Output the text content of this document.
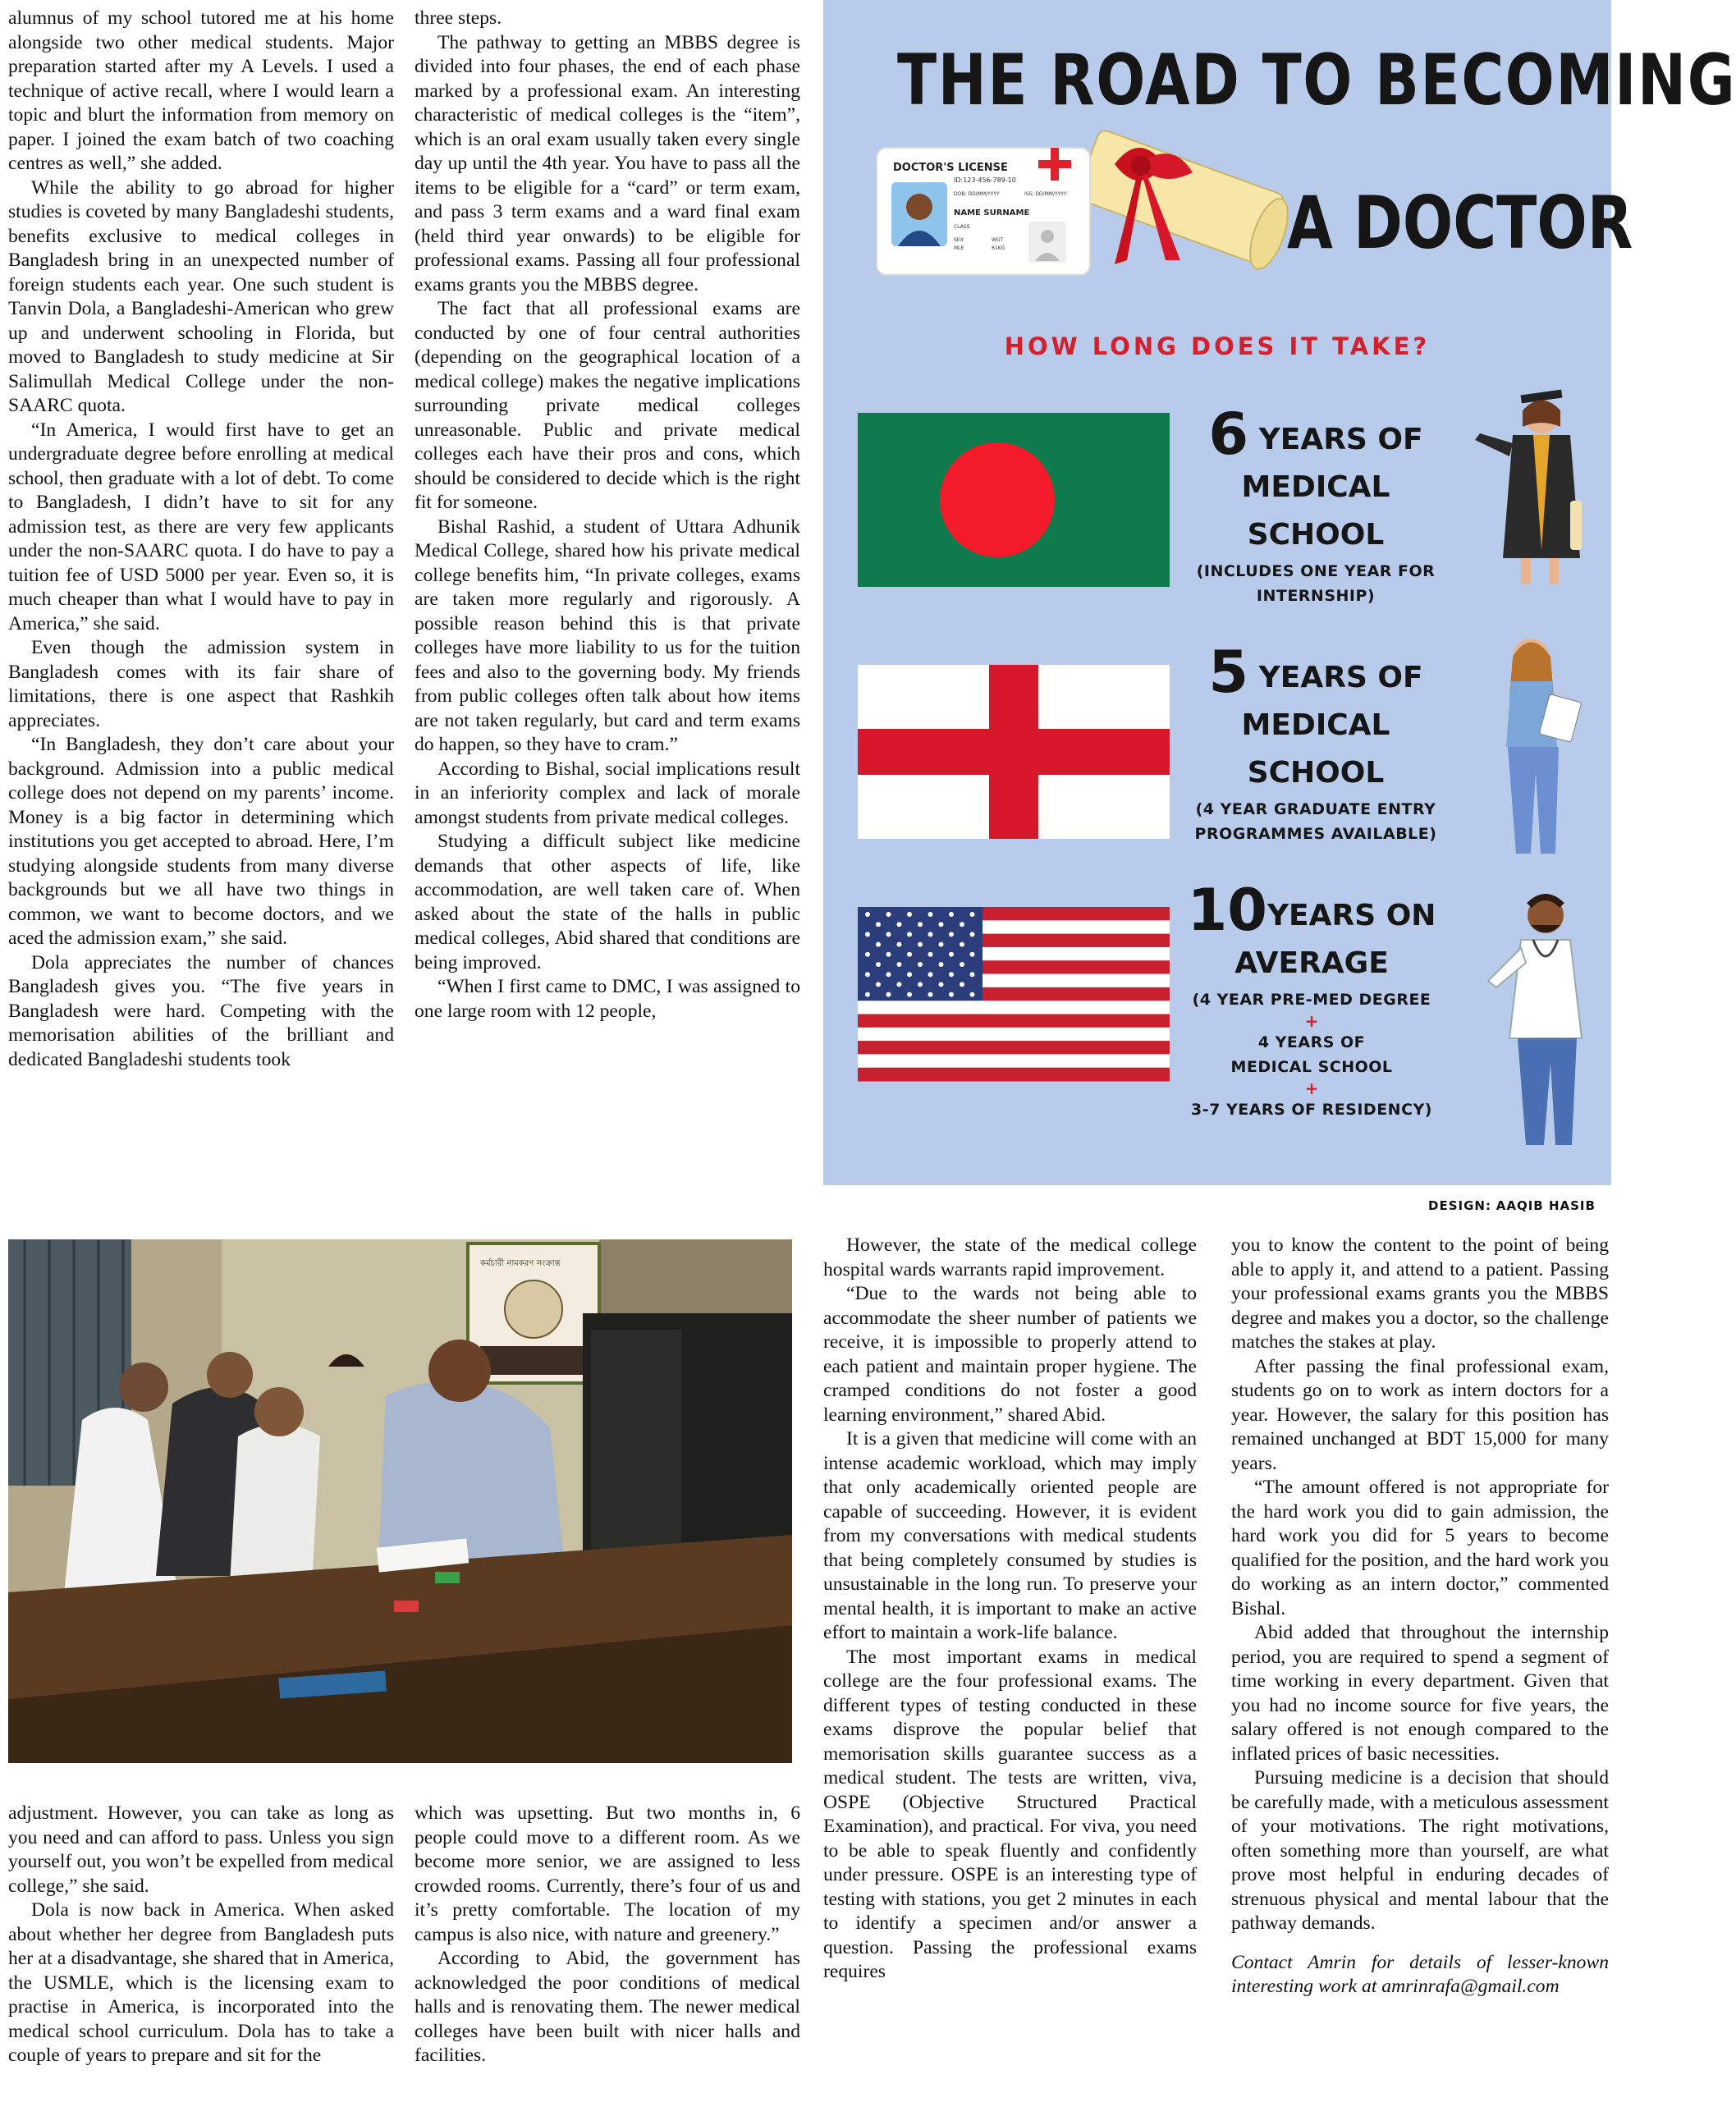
alumnus of my school tutored me at his home alongside two other medical students. Major preparation started after my A Levels. I used a technique of active recall, where I would learn a topic and blurt the information from memory on paper. I joined the exam batch of two coaching centres as well,” she added.

While the ability to go abroad for higher studies is coveted by many Bangladeshi students, benefits exclusive to medical colleges in Bangladesh bring in an unexpected number of foreign students each year. One such student is Tanvin Dola, a Bangladeshi-American who grew up and underwent schooling in Florida, but moved to Bangladesh to study medicine at Sir Salimullah Medical College under the non-SAARC quota.

“In America, I would first have to get an undergraduate degree before enrolling at medical school, then graduate with a lot of debt. To come to Bangladesh, I didn’t have to sit for any admission test, as there are very few applicants under the non-SAARC quota. I do have to pay a tuition fee of USD 5000 per year. Even so, it is much cheaper than what I would have to pay in America,” she said.

Even though the admission system in Bangladesh comes with its fair share of limitations, there is one aspect that Rashkih appreciates.

“In Bangladesh, they don’t care about your background. Admission into a public medical college does not depend on my parents’ income. Money is a big factor in determining which institutions you get accepted to abroad. Here, I’m studying alongside students from many diverse backgrounds but we all have two things in common, we want to become doctors, and we aced the admission exam,” she said.

Dola appreciates the number of chances Bangladesh gives you. “The five years in Bangladesh were hard. Competing with the memorisation abilities of the brilliant and dedicated Bangladeshi students took

three steps.

The pathway to getting an MBBS degree is divided into four phases, the end of each phase marked by a professional exam. An interesting characteristic of medical colleges is the “item”, which is an oral exam usually taken every single day up until the 4th year. You have to pass all the items to be eligible for a “card” or term exam, and pass 3 term exams and a ward final exam (held third year onwards) to be eligible for professional exams. Passing all four professional exams grants you the MBBS degree.

The fact that all professional exams are conducted by one of four central authorities (depending on the geographical location of a medical college) makes the negative implications surrounding private medical colleges unreasonable. Public and private medical colleges each have their pros and cons, which should be considered to decide which is the right fit for someone.

Bishal Rashid, a student of Uttara Adhunik Medical College, shared how his private medical college benefits him, “In private colleges, exams are taken more regularly and rigorously. A possible reason behind this is that private colleges have more liability to us for the tuition fees and also to the governing body. My friends from public colleges often talk about how items are not taken regularly, but card and term exams do happen, so they have to cram.”

According to Bishal, social implications result in an inferiority complex and lack of morale amongst students from private medical colleges.

Studying a difficult subject like medicine demands that other aspects of life, like accommodation, are well taken care of. When asked about the state of the halls in public medical colleges, Abid shared that conditions are being improved.

“When I first came to DMC, I was assigned to one large room with 12 people,

THE ROAD TO BECOMING
A DOCTOR
DOCTOR'S LICENSE
ID:123-456-789-10
DOB: DD/MM/YYYY	ISS: DD/MM/YYYY
NAME SURNAME
CLASS
SEX
MLE
WGT
61KG
HOW LONG DOES IT TAKE?
6 YEARS OF
MEDICAL
SCHOOL
(INCLUDES ONE YEAR FOR
INTERNSHIP)
5 YEARS OF
MEDICAL
SCHOOL
(4 YEAR GRADUATE ENTRY
PROGRAMMES AVAILABLE)
10YEARS ON
AVERAGE
(4 YEAR PRE-MED DEGREE
+
4 YEARS OF
MEDICAL SCHOOL
+
3-7 YEARS OF RESIDENCY)
DESIGN: AAQIB HASIB
কর্মচারী নামকরণ সংক্রান্ত

However, the state of the medical college hospital wards warrants rapid improvement.

“Due to the wards not being able to accommodate the sheer number of patients we receive, it is impossible to properly attend to each patient and maintain proper hygiene. The cramped conditions do not foster a good learning environment,” shared Abid.

It is a given that medicine will come with an intense academic workload, which may imply that only academically oriented people are capable of succeeding. However, it is evident from my conversations with medical students that being completely consumed by studies is unsustainable in the long run. To preserve your mental health, it is important to make an active effort to maintain a work-life balance.

The most important exams in medical college are the four professional exams. The different types of testing conducted in these exams disprove the popular belief that memorisation skills guarantee success as a medical student. The tests are written, viva, OSPE (Objective Structured Practical Examination), and practical. For viva, you need to be able to speak fluently and confidently under pressure. OSPE is an interesting type of testing with stations, you get 2 minutes in each to identify a specimen and/or answer a question. Passing the professional exams requires

you to know the content to the point of being able to apply it, and attend to a patient. Passing your professional exams grants you the MBBS degree and makes you a doctor, so the challenge matches the stakes at play.

After passing the final professional exam, students go on to work as intern doctors for a year. However, the salary for this position has remained unchanged at BDT 15,000 for many years.

“The amount offered is not appropriate for the hard work you did to gain admission, the hard work you did for 5 years to become qualified for the position, and the hard work you do working as an intern doctor,” commented Bishal.

Abid added that throughout the internship period, you are required to spend a segment of time working in every department. Given that you had no income source for five years, the salary offered is not enough compared to the inflated prices of basic necessities.

Pursuing medicine is a decision that should be carefully made, with a meticulous assessment of your motivations. The right motivations, often something more than yourself, are what prove most helpful in enduring decades of strenuous physical and mental labour that the pathway demands.

Contact Amrin for details of lesser-known interesting work at amrinrafa@gmail.com

adjustment. However, you can take as long as you need and can afford to pass. Unless you sign yourself out, you won’t be expelled from medical college,” she said.

Dola is now back in America. When asked about whether her degree from Bangladesh puts her at a disadvantage, she shared that in America, the USMLE, which is the licensing exam to practise in America, is incorporated into the medical school curriculum. Dola has to take a couple of years to prepare and sit for the

which was upsetting. But two months in, 6 people could move to a different room. As we become more senior, we are assigned to less crowded rooms. Currently, there’s four of us and it’s pretty comfortable. The location of my campus is also nice, with nature and greenery.”

According to Abid, the government has acknowledged the poor conditions of medical halls and is renovating them. The newer medical colleges have been built with nicer halls and facilities.
